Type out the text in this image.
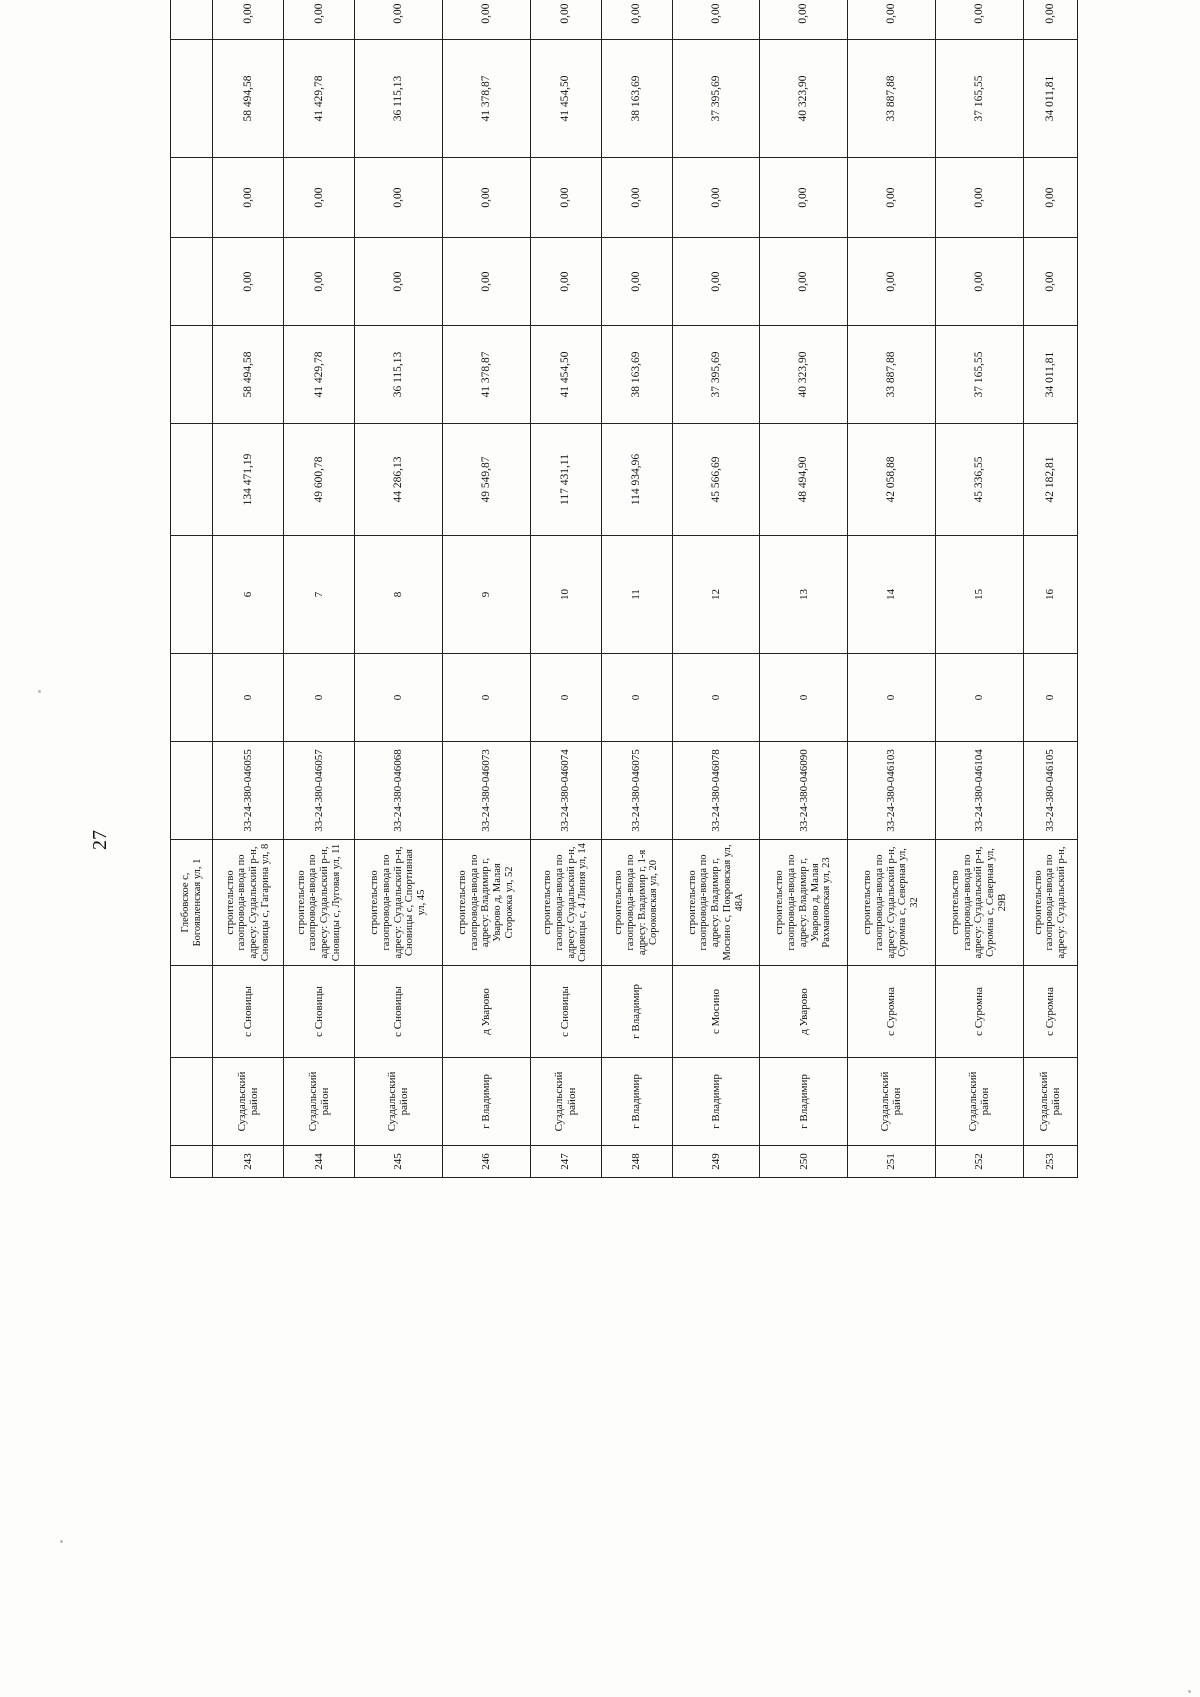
27
			Глебовское с, Богоявленская ул, 1									
243	Суздальский район	с Сновицы	строительство газопровода-ввода по адресу: Суздальский р-н, Сновицы с, Гагарина ул, 8	33-24-380-046055	0	6	134 471,19	58 494,58	0,00	0,00	58 494,58	0,00
244	Суздальский район	с Сновицы	строительство газопровода-ввода по адресу: Суздальский р-н, Сновицы с, Луговая ул, 11	33-24-380-046057	0	7	49 600,78	41 429,78	0,00	0,00	41 429,78	0,00
245	Суздальский район	с Сновицы	строительство газопровода-ввода по адресу: Суздальский р-н, Сновицы с, Спортивная ул, 45	33-24-380-046068	0	8	44 286,13	36 115,13	0,00	0,00	36 115,13	0,00
246	г Владимир	д Уварово	строительство газопровода-ввода по адресу: Владимир г, Уварово д, Малая Сторожка ул, 52	33-24-380-046073	0	9	49 549,87	41 378,87	0,00	0,00	41 378,87	0,00
247	Суздальский район	с Сновицы	строительство газопровода-ввода по адресу: Суздальский р-н, Сновицы с, 4 Линия ул, 14	33-24-380-046074	0	10	117 431,11	41 454,50	0,00	0,00	41 454,50	0,00
248	г Владимир	г Владимир	строительство газопровода-ввода по адресу: Владимир г, 1-я Сороковская ул, 20	33-24-380-046075	0	11	114 934,96	38 163,69	0,00	0,00	38 163,69	0,00
249	г Владимир	с Мосино	строительство газопровода-ввода по адресу: Владимир г, Мосино с, Покровская ул, 48А	33-24-380-046078	0	12	45 566,69	37 395,69	0,00	0,00	37 395,69	0,00
250	г Владимир	д Уварово	строительство газопровода-ввода по адресу: Владимир г, Уварово д, Малая Рахмановская ул, 23	33-24-380-046090	0	13	48 494,90	40 323,90	0,00	0,00	40 323,90	0,00
251	Суздальский район	с Суромна	строительство газопровода-ввода по адресу: Суздальский р-н, Суромна с, Северная ул, 32	33-24-380-046103	0	14	42 058,88	33 887,88	0,00	0,00	33 887,88	0,00
252	Суздальский район	с Суромна	строительство газопровода-ввода по адресу: Суздальский р-н, Суромна с, Северная ул, 29В	33-24-380-046104	0	15	45 336,55	37 165,55	0,00	0,00	37 165,55	0,00
253	Суздальский район	с Суромна	строительство газопровода-ввода по адресу: Суздальский р-н,	33-24-380-046105	0	16	42 182,81	34 011,81	0,00	0,00	34 011,81	0,00
